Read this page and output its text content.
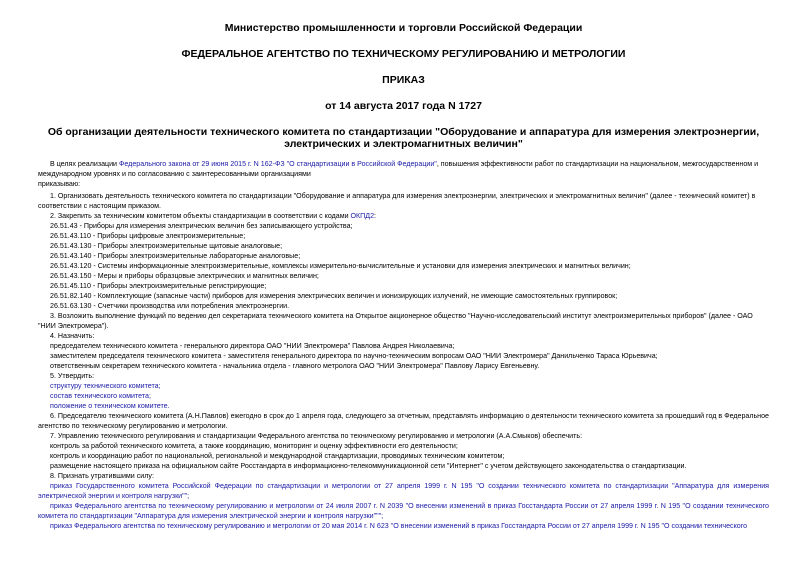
Министерство промышленности и торговли Российской Федерации
ФЕДЕРАЛЬНОЕ АГЕНТСТВО ПО ТЕХНИЧЕСКОМУ РЕГУЛИРОВАНИЮ И МЕТРОЛОГИИ
ПРИКАЗ
от 14 августа 2017 года N 1727
Об организации деятельности технического комитета по стандартизации "Оборудование и аппаратура для измерения электроэнергии, электрических и электромагнитных величин"

В целях реализации Федерального закона от 29 июня 2015 г. N 162-ФЗ "О стандартизации в Российской Федерации", повышения эффективности работ по стандартизации на национальном, межгосударственном и международном уровнях и по согласованию с заинтересованными организациями

приказываю:

1. Организовать деятельность технического комитета по стандартизации "Оборудование и аппаратура для измерения электроэнергии, электрических и электромагнитных величин" (далее - технический комитет) в соответствии с настоящим приказом.

2. Закрепить за техническим комитетом объекты стандартизации в соответствии с кодами ОКПД2:

26.51.43 - Приборы для измерения электрических величин без записывающего устройства;

26.51.43.110 - Приборы цифровые электроизмерительные;

26.51.43.130 - Приборы электроизмерительные щитовые аналоговые;

26.51.43.140 - Приборы электроизмерительные лабораторные аналоговые;

26.51.43.120 - Системы информационные электроизмерительные, комплексы измерительно-вычислительные и установки для измерения электрических и магнитных величин;

26.51.43.150 - Меры и приборы образцовые электрических и магнитных величин;

26.51.45.110 - Приборы электроизмерительные регистрирующие;

26.51.82.140 - Комплектующие (запасные части) приборов для измерения электрических величин и ионизирующих излучений, не имеющие самостоятельных группировок;

26.51.63.130 - Счетчики производства или потребления электроэнергии.

3. Возложить выполнение функций по ведению дел секретариата технического комитета на Открытое акционерное общество "Научно-исследовательский институт электроизмерительных приборов" (далее - ОАО "НИИ Электромера").

4. Назначить:

председателем технического комитета - генерального директора ОАО "НИИ Электромера" Павлова Андрея Николаевича;

заместителем председателя технического комитета - заместителя генерального директора по научно-техническим вопросам ОАО "НИИ Электромера" Данильченко Тараса Юрьевича;

ответственным секретарем технического комитета - начальника отдела - главного метролога ОАО "НИИ Электромера" Павлову Ларису Евгеньевну.

5. Утвердить:

структуру технического комитета;

состав технического комитета;

положение о техническом комитете.

6. Председателю технического комитета (А.Н.Павлов) ежегодно в срок до 1 апреля года, следующего за отчетным, представлять информацию о деятельности технического комитета за прошедший год в Федеральное агентство по техническому регулированию и метрологии.

7. Управлению технического регулирования и стандартизации Федерального агентства по техническому регулированию и метрологии (А.А.Смыков) обеспечить:

контроль за работой технического комитета, а также координацию, мониторинг и оценку эффективности его деятельности;

контроль и координацию работ по национальной, региональной и международной стандартизации, проводимых техническим комитетом;

размещение настоящего приказа на официальном сайте Росстандарта в информационно-телекоммуникационной сети "Интернет" с учетом действующего законодательства о стандартизации.

8. Признать утратившими силу:

приказ Государственного комитета Российской Федерации по стандартизации и метрологии от 27 апреля 1999 г. N 195 "О создании технического комитета по стандартизации "Аппаратура для измерения электрической энергии и контроля нагрузки"";

приказ Федерального агентства по техническому регулированию и метрологии от 24 июля 2007 г. N 2039 "О внесении изменений в приказ Госстандарта России от 27 апреля 1999 г. N 195 "О создании технического комитета по стандартизации "Аппаратура для измерения электрической энергии и контроля нагрузки""";

приказ Федерального агентства по техническому регулированию и метрологии от 20 мая 2014 г. N 623 "О внесении изменений в приказ Госстандарта России от 27 апреля 1999 г. N 195 "О создании технического
